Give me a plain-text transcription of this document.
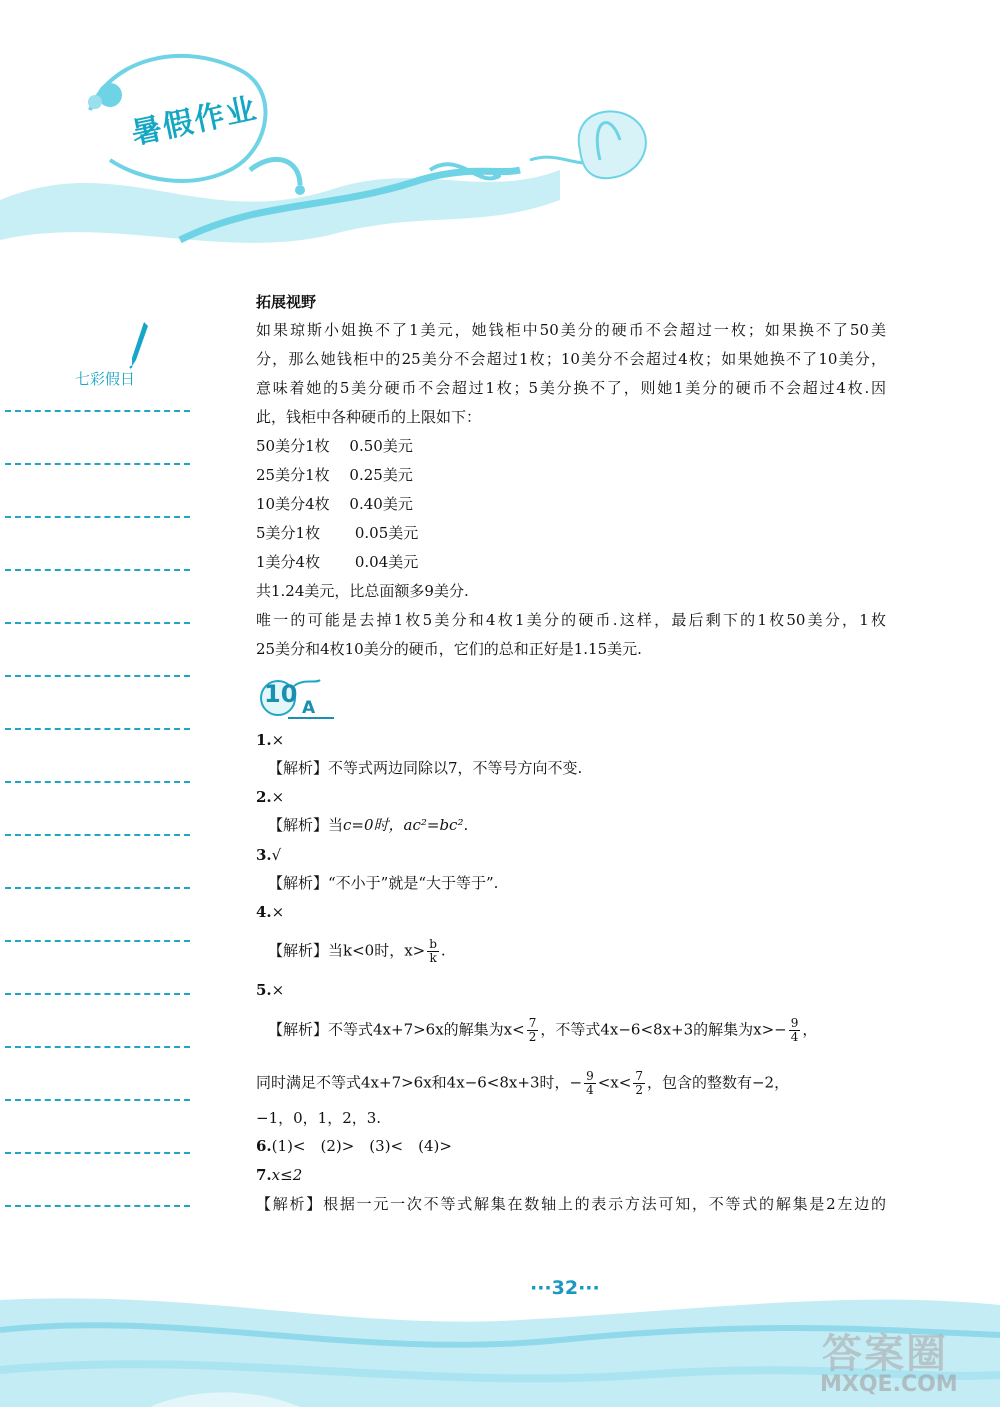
暑假作业
七彩假日
拓展视野
如果琼斯小姐换不了1美元，她钱柜中50美分的硬币不会超过一枚；如果换不了50美
分，那么她钱柜中的25美分不会超过1枚；10美分不会超过4枚；如果她换不了10美分，
意味着她的5美分硬币不会超过1枚；5美分换不了，则她1美分的硬币不会超过4枚.因
此，钱柜中各种硬币的上限如下：
50美分1枚　 0.50美元
25美分1枚　 0.25美元
10美分4枚　 0.40美元
5美分1枚　　 0.05美元
1美分4枚　　 0.04美元
共1.24美元，比总面额多9美分.
唯一的可能是去掉1枚5美分和4枚1美分的硬币.这样，最后剩下的1枚50美分，1枚
25美分和4枚10美分的硬币，它们的总和正好是1.15美元.
10 A
1.×
【解析】不等式两边同除以7，不等号方向不变.
2.×
【解析】当c=0时，ac²=bc².
3.√
【解析】“不小于”就是“大于等于”.
4.×
【解析】当k<0时，$x> \frac{b}{k}$ .
5.×
【解析】不等式4x+7>6x的解集为$x< \frac{7}{2}$ ，不等式4x−6<8x+3的解集为$x>- \frac{9}{4}$ ，
同时满足不等式4x+7>6x和4x−6<8x+3时，− $\frac{9}{4} <x< \frac{7}{2}$ ，包含的整数有−2，
−1，0，1，2，3.
6.(1)<　(2)>　(3)<　(4)>
7.x≤2
【解析】根据一元一次不等式解集在数轴上的表示方法可知，不等式的解集是2左边的
···32···
答案圈
MXQE.COM
